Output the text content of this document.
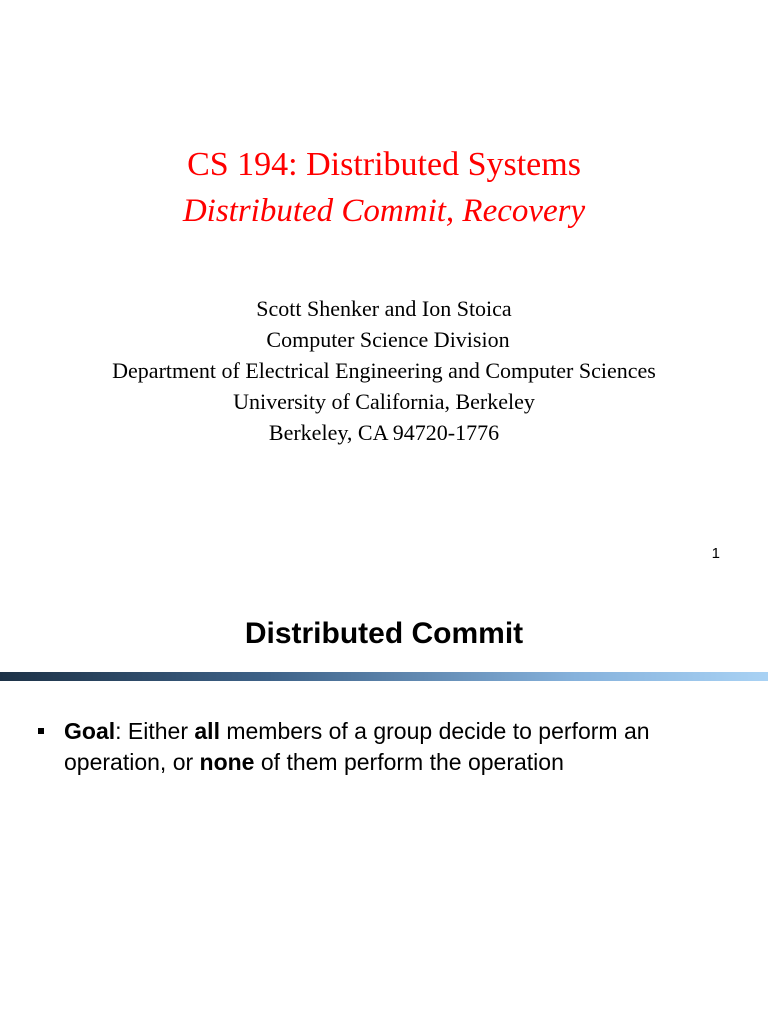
CS 194: Distributed Systems
Distributed Commit, Recovery
Scott Shenker and Ion Stoica
Computer Science Division
Department of Electrical Engineering and Computer Sciences
University of California, Berkeley
Berkeley, CA 94720-1776
1
Distributed Commit
Goal: Either all members of a group decide to perform an operation, or none of them perform the operation
